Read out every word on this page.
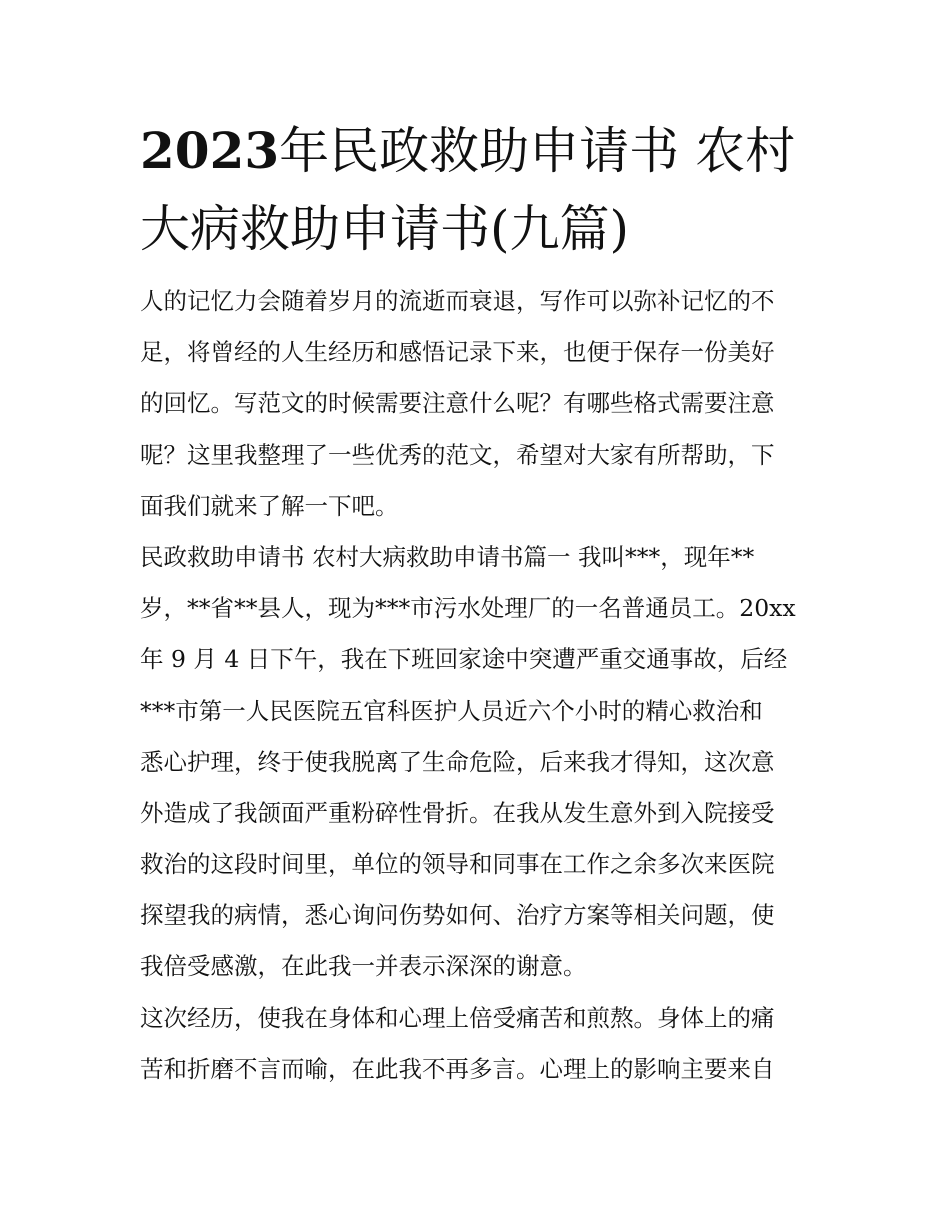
2023年民政救助申请书 农村
大病救助申请书(九篇)
人的记忆力会随着岁月的流逝而衰退，写作可以弥补记忆的不
足，将曾经的人生经历和感悟记录下来，也便于保存一份美好
的回忆。写范文的时候需要注意什么呢？有哪些格式需要注意
呢？这里我整理了一些优秀的范文，希望对大家有所帮助，下
面我们就来了解一下吧。
民政救助申请书 农村大病救助申请书篇一 我叫***，现年**
岁，**省**县人，现为***市污水处理厂的一名普通员工。20xx
年 9 月 4 日下午，我在下班回家途中突遭严重交通事故，后经
***市第一人民医院五官科医护人员近六个小时的精心救治和
悉心护理，终于使我脱离了生命危险，后来我才得知，这次意
外造成了我颌面严重粉碎性骨折。在我从发生意外到入院接受
救治的这段时间里，单位的领导和同事在工作之余多次来医院
探望我的病情，悉心询问伤势如何、治疗方案等相关问题，使
我倍受感激，在此我一并表示深深的谢意。
这次经历，使我在身体和心理上倍受痛苦和煎熬。身体上的痛
苦和折磨不言而喻，在此我不再多言。心理上的影响主要来自
